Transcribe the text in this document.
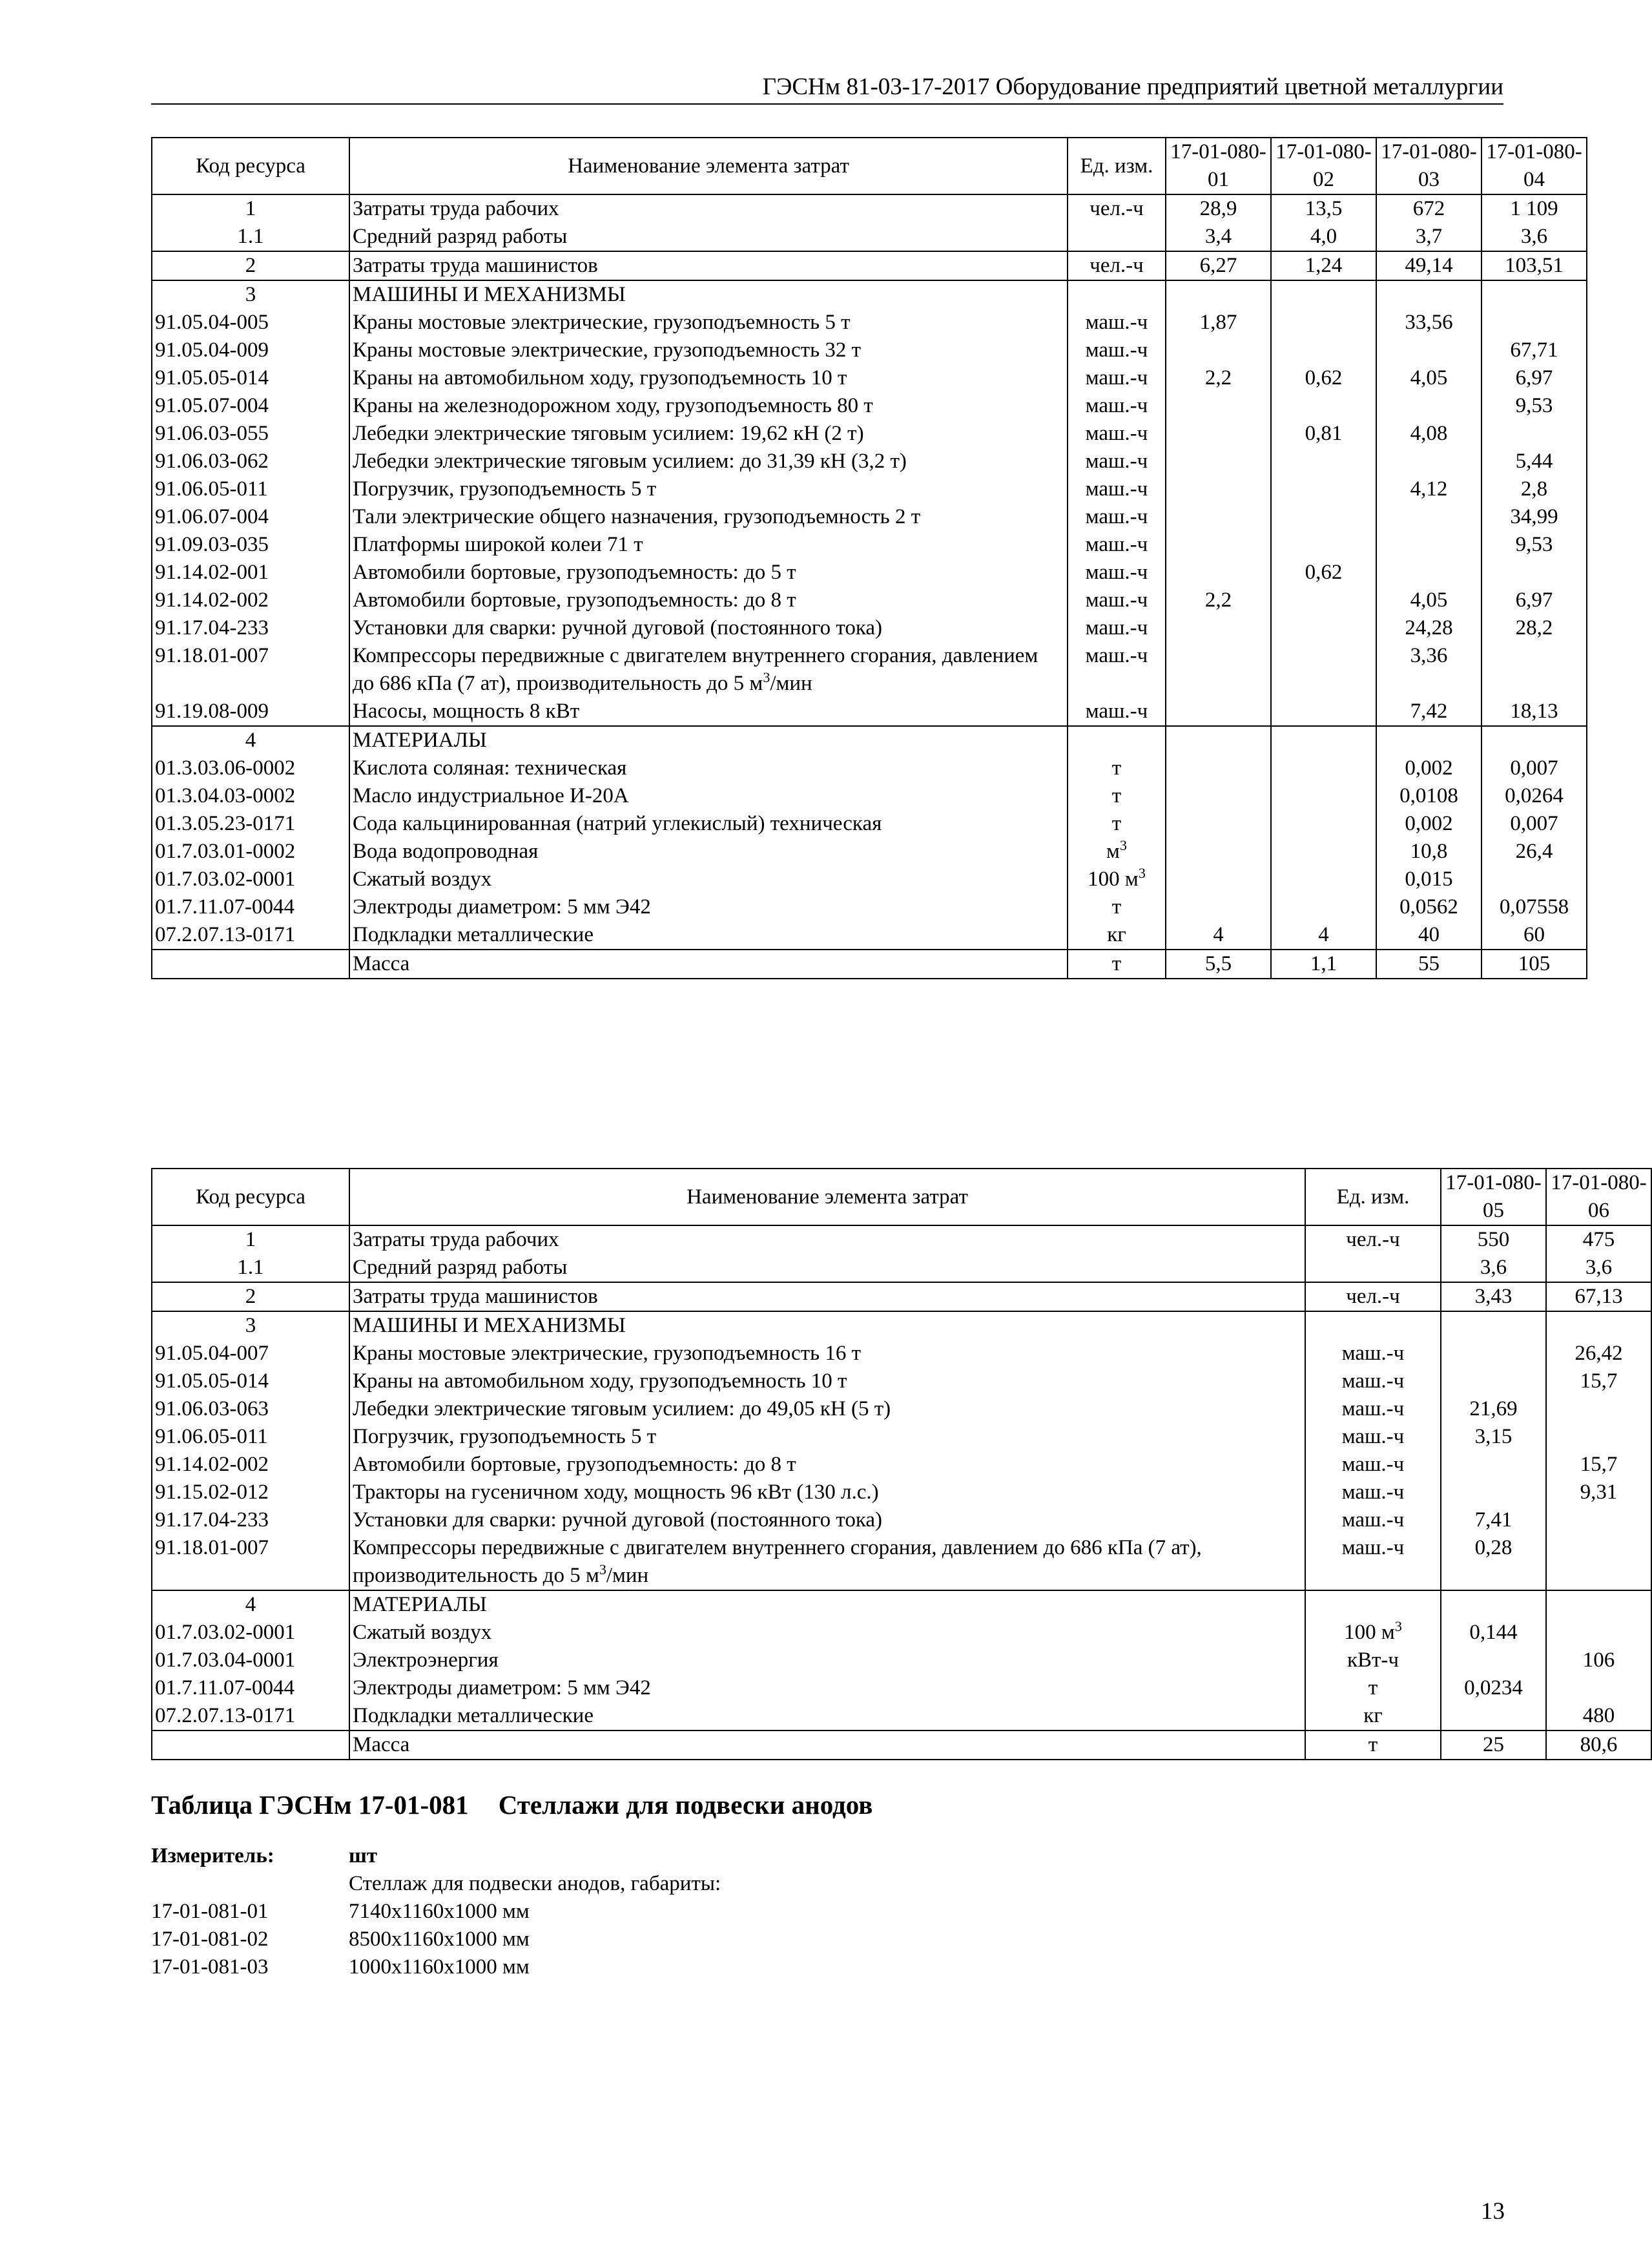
ГЭСНм 81-03-17-2017 Оборудование предприятий цветной металлургии
Код ресурса	Наименование элемента затрат	Ед. изм.	17-01-080-01	17-01-080-02	17-01-080-03	17-01-080-04
1	Затраты труда рабочих	чел.-ч	28,9	13,5	672	1 109
1.1	Средний разряд работы		3,4	4,0	3,7	3,6
2	Затраты труда машинистов	чел.-ч	6,27	1,24	49,14	103,51
3	МАШИНЫ И МЕХАНИЗМЫ					
91.05.04-005	Краны мостовые электрические, грузоподъемность 5 т	маш.-ч	1,87		33,56	
91.05.04-009	Краны мостовые электрические, грузоподъемность 32 т	маш.-ч				67,71
91.05.05-014	Краны на автомобильном ходу, грузоподъемность 10 т	маш.-ч	2,2	0,62	4,05	6,97
91.05.07-004	Краны на железнодорожном ходу, грузоподъемность 80 т	маш.-ч				9,53
91.06.03-055	Лебедки электрические тяговым усилием: 19,62 кН (2 т)	маш.-ч		0,81	4,08	
91.06.03-062	Лебедки электрические тяговым усилием: до 31,39 кН (3,2 т)	маш.-ч				5,44
91.06.05-011	Погрузчик, грузоподъемность 5 т	маш.-ч			4,12	2,8
91.06.07-004	Тали электрические общего назначения, грузоподъемность 2 т	маш.-ч				34,99
91.09.03-035	Платформы широкой колеи 71 т	маш.-ч				9,53
91.14.02-001	Автомобили бортовые, грузоподъемность: до 5 т	маш.-ч		0,62		
91.14.02-002	Автомобили бортовые, грузоподъемность: до 8 т	маш.-ч	2,2		4,05	6,97
91.17.04-233	Установки для сварки: ручной дуговой (постоянного тока)	маш.-ч			24,28	28,2
91.18.01-007	Компрессоры передвижные с двигателем внутреннего сгорания, давлением до 686 кПа (7 ат), производительность до 5 $м^3$/мин	маш.-ч			3,36	
91.19.08-009	Насосы, мощность 8 кВт	маш.-ч			7,42	18,13
4	МАТЕРИАЛЫ					
01.3.03.06-0002	Кислота соляная: техническая	т			0,002	0,007
01.3.04.03-0002	Масло индустриальное И-20А	т			0,0108	0,0264
01.3.05.23-0171	Сода кальцинированная (натрий углекислый) техническая	т			0,002	0,007
01.7.03.01-0002	Вода водопроводная	$м^3$			10,8	26,4
01.7.03.02-0001	Сжатый воздух	100 $м^3$			0,015	
01.7.11.07-0044	Электроды диаметром: 5 мм Э42	т			0,0562	0,07558
07.2.07.13-0171	Подкладки металлические	кг	4	4	40	60
	Масса	т	5,5	1,1	55	105
Код ресурса	Наименование элемента затрат	Ед. изм.	17-01-080-05	17-01-080-06
1	Затраты труда рабочих	чел.-ч	550	475
1.1	Средний разряд работы		3,6	3,6
2	Затраты труда машинистов	чел.-ч	3,43	67,13
3	МАШИНЫ И МЕХАНИЗМЫ			
91.05.04-007	Краны мостовые электрические, грузоподъемность 16 т	маш.-ч		26,42
91.05.05-014	Краны на автомобильном ходу, грузоподъемность 10 т	маш.-ч		15,7
91.06.03-063	Лебедки электрические тяговым усилием: до 49,05 кН (5 т)	маш.-ч	21,69	
91.06.05-011	Погрузчик, грузоподъемность 5 т	маш.-ч	3,15	
91.14.02-002	Автомобили бортовые, грузоподъемность: до 8 т	маш.-ч		15,7
91.15.02-012	Тракторы на гусеничном ходу, мощность 96 кВт (130 л.с.)	маш.-ч		9,31
91.17.04-233	Установки для сварки: ручной дуговой (постоянного тока)	маш.-ч	7,41	
91.18.01-007	Компрессоры передвижные с двигателем внутреннего сгорания, давлением до 686 кПа (7 ат), производительность до 5 $м^3$/мин	маш.-ч	0,28	
4	МАТЕРИАЛЫ			
01.7.03.02-0001	Сжатый воздух	100 $м^3$	0,144	
01.7.03.04-0001	Электроэнергия	кВт-ч		106
01.7.11.07-0044	Электроды диаметром: 5 мм Э42	т	0,0234	
07.2.07.13-0171	Подкладки металлические	кг		480
	Масса	т	25	80,6
Таблица ГЭСНм 17-01-081 Стеллажи для подвески анодов
Измеритель:	шт
Стеллаж для подвески анодов, габариты:
17-01-081-01	7140х1160х1000 мм
17-01-081-02	8500х1160х1000 мм
17-01-081-03	1000х1160х1000 мм
13
